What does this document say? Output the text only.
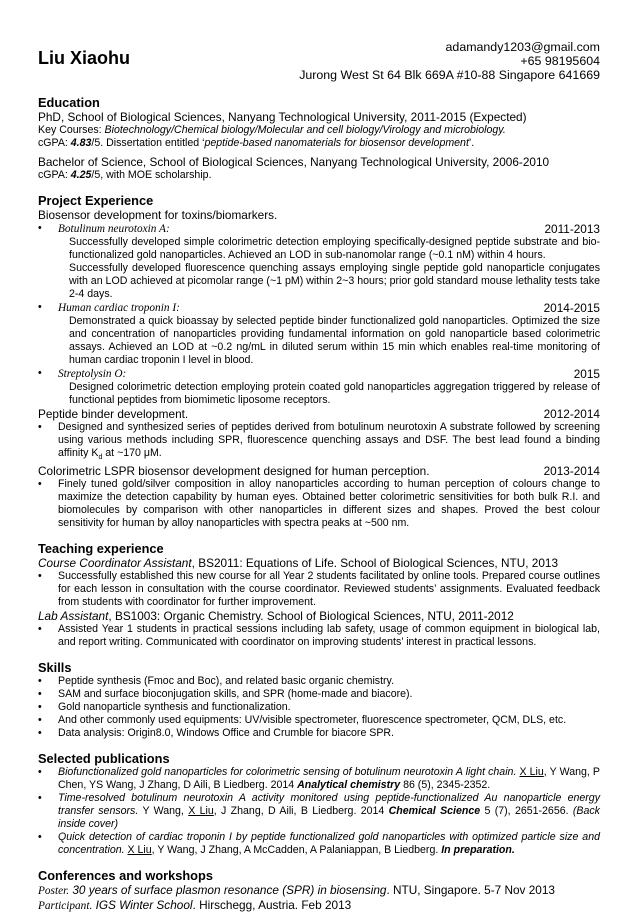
Liu Xiaohu
adamandy1203@gmail.com
+65 98195604
Jurong West St 64 Blk 669A #10-88 Singapore 641669
Education
PhD, School of Biological Sciences, Nanyang Technological University, 2011-2015 (Expected)
Key Courses: Biotechnology/Chemical biology/Molecular and cell biology/Virology and microbiology.
cGPA: 4.83/5. Dissertation entitled ‘peptide-based nanomaterials for biosensor development’.
Bachelor of Science, School of Biological Sciences, Nanyang Technological University, 2006-2010
cGPA: 4.25/5, with MOE scholarship.
Project Experience
Biosensor development for toxins/biomarkers.
• Botulinum neurotoxin A:	2011-2013
Successfully developed simple colorimetric detection employing specifically-designed peptide substrate and bio-functionalized gold nanoparticles. Achieved an LOD in sub-nanomolar range (~0.1 nM) within 4 hours.
Successfully developed fluorescence quenching assays employing single peptide gold nanoparticle conjugates with an LOD achieved at picomolar range (~1 pM) within 2~3 hours; prior gold standard mouse lethality tests take 2-4 days.
• Human cardiac troponin I:	2014-2015
Demonstrated a quick bioassay by selected peptide binder functionalized gold nanoparticles. Optimized the size and concentration of nanoparticles providing fundamental information on gold nanoparticle based colorimetric assays. Achieved an LOD at ~0.2 ng/mL in diluted serum within 15 min which enables real-time monitoring of human cardiac troponin I level in blood.
• Streptolysin O:	2015
Designed colorimetric detection employing protein coated gold nanoparticles aggregation triggered by release of functional peptides from biomimetic liposome receptors.
Peptide binder development.	2012-2014
• Designed and synthesized series of peptides derived from botulinum neurotoxin A substrate followed by screening using various methods including SPR, fluorescence quenching assays and DSF. The best lead found a binding affinity $K_d$ at ~170 μM.
Colorimetric LSPR biosensor development designed for human perception.	2013-2014
• Finely tuned gold/silver composition in alloy nanoparticles according to human perception of colours change to maximize the detection capability by human eyes. Obtained better colorimetric sensitivities for both bulk R.I. and biomolecules by comparison with other nanoparticles in different sizes and shapes. Proved the best colour sensitivity for human by alloy nanoparticles with spectra peaks at ~500 nm.
Teaching experience
Course Coordinator Assistant, BS2011: Equations of Life. School of Biological Sciences, NTU, 2013
• Successfully established this new course for all Year 2 students facilitated by online tools. Prepared course outlines for each lesson in consultation with the course coordinator. Reviewed students’ assignments. Evaluated feedback from students with coordinator for further improvement.
Lab Assistant, BS1003: Organic Chemistry. School of Biological Sciences, NTU, 2011-2012
• Assisted Year 1 students in practical sessions including lab safety, usage of common equipment in biological lab, and report writing. Communicated with coordinator on improving students’ interest in practical lessons.
Skills
• Peptide synthesis (Fmoc and Boc), and related basic organic chemistry.
• SAM and surface bioconjugation skills, and SPR (home-made and biacore).
• Gold nanoparticle synthesis and functionalization.
• And other commonly used equipments: UV/visible spectrometer, fluorescence spectrometer, QCM, DLS, etc.
• Data analysis: Origin8.0, Windows Office and Crumble for biacore SPR.
Selected publications
• Biofunctionalized gold nanoparticles for colorimetric sensing of botulinum neurotoxin A light chain. X Liu, Y Wang, P Chen, YS Wang, J Zhang, D Aili, B Liedberg. 2014 Analytical chemistry 86 (5), 2345-2352.
• Time-resolved botulinum neurotoxin A activity monitored using peptide-functionalized Au nanoparticle energy transfer sensors. Y Wang, X Liu, J Zhang, D Aili, B Liedberg. 2014 Chemical Science 5 (7), 2651-2656. (Back inside cover)
• Quick detection of cardiac troponin I by peptide functionalized gold nanoparticles with optimized particle size and concentration. X Liu, Y Wang, J Zhang, A McCadden, A Palaniappan, B Liedberg. In preparation.
Conferences and workshops
Poster. 30 years of surface plasmon resonance (SPR) in biosensing. NTU, Singapore. 5-7 Nov 2013
Participant. IGS Winter School. Hirschegg, Austria. Feb 2013
